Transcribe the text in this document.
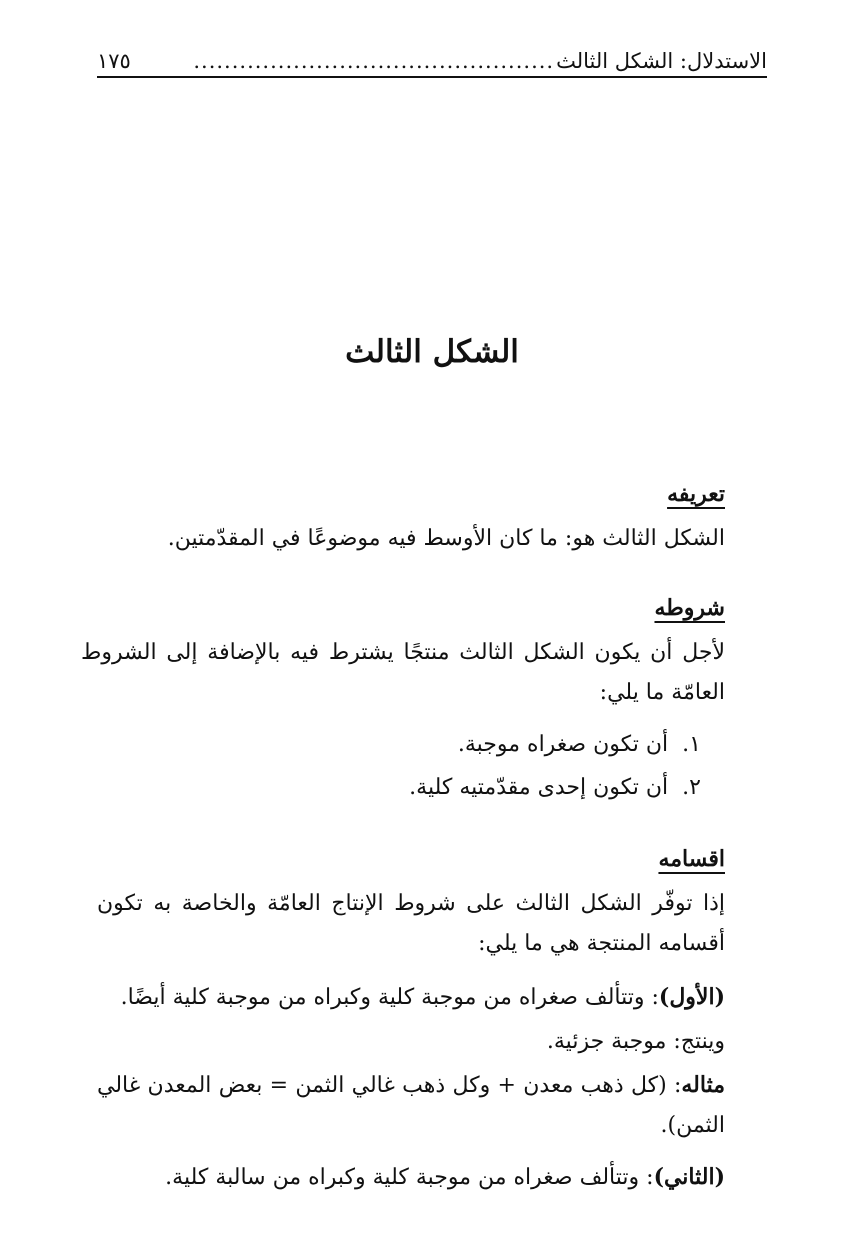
الاستدلال: الشكل الثالث
...............................................
١٧٥
الشكل الثالث
تعريفه

الشكل الثالث هو: ما كان الأوسط فيه موضوعًا في المقدّمتين.

شروطه

لأجل أن يكون الشكل الثالث منتجًا يشترط فيه بالإضافة إلى الشروط العامّة ما يلي:

١.
أن تكون صغراه موجبة.
٢.
أن تكون إحدى مقدّمتيه كلية.
اقسامه

إذا توفّر الشكل الثالث على شروط الإنتاج العامّة والخاصة به تكون أقسامه المنتجة هي ما يلي:

(الأول): وتتألف صغراه من موجبة كلية وكبراه من موجبة كلية أيضًا.

وينتج: موجبة جزئية.

مثاله: (كل ذهب معدن + وكل ذهب غالي الثمن = بعض المعدن غالي الثمن).

(الثاني): وتتألف صغراه من موجبة كلية وكبراه من سالبة كلية.
